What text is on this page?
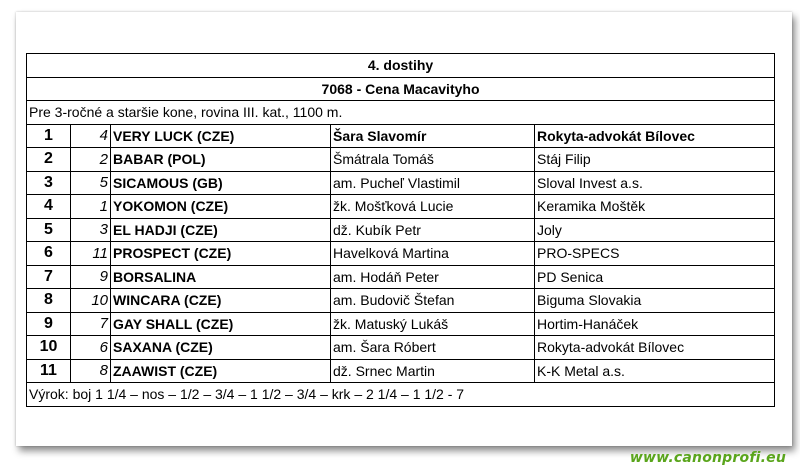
4. dostihy				
7068 - Cena Macavityho				
Pre 3-ročné a staršie kone, rovina III. kat., 1100 m.				
1	4	VERY LUCK (CZE)	Šara Slavomír	Rokyta-advokát Bílovec
2	2	BABAR (POL)	Šmátrala Tomáš	Stáj Filip
3	5	SICAMOUS (GB)	am. Pucheľ Vlastimil	Sloval Invest a.s.
4	1	YOKOMON (CZE)	žk. Mošťková Lucie	Keramika Moštěk
5	3	EL HADJI (CZE)	dž. Kubík Petr	Joly
6	11	PROSPECT (CZE)	Havelková Martina	PRO-SPECS
7	9	BORSALINA	am. Hodáň Peter	PD Senica
8	10	WINCARA (CZE)	am. Budovič Štefan	Biguma Slovakia
9	7	GAY SHALL (CZE)	žk. Matuský Lukáš	Hortim-Hanáček
10	6	SAXANA (CZE)	am. Šara Róbert	Rokyta-advokát Bílovec
11	8	ZAAWIST (CZE)	dž. Srnec Martin	K-K Metal a.s.
Výrok: boj 1 1/4 – nos – 1/2 – 3/4 – 1 1/2 – 3/4 – krk – 2 1/4 – 1 1/2 - 7				
www.canonprofi.eu
